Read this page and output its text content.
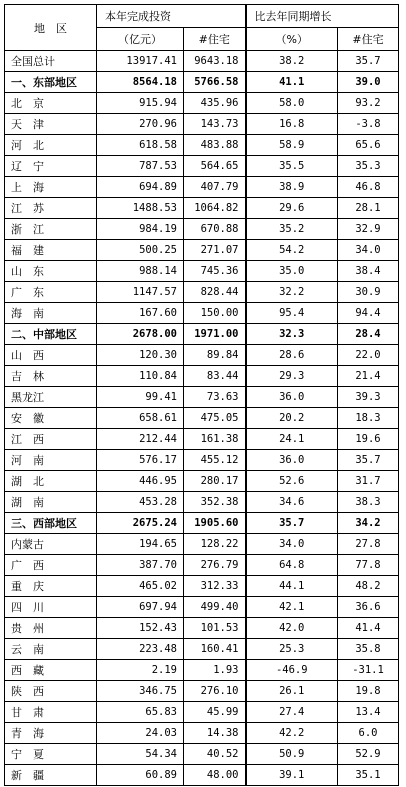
地　区	本年完成投资		比去年同期增长	
	（亿元）	#住宅	（%）	#住宅
全国总计	13917.41	9643.18	38.2	35.7
一、东部地区	8564.18	5766.58	41.1	39.0
北　京	915.94	435.96	58.0	93.2
天　津	270.96	143.73	16.8	-3.8
河　北	618.58	483.88	58.9	65.6
辽　宁	787.53	564.65	35.5	35.3
上　海	694.89	407.79	38.9	46.8
江　苏	1488.53	1064.82	29.6	28.1
浙　江	984.19	670.88	35.2	32.9
福　建	500.25	271.07	54.2	34.0
山　东	988.14	745.36	35.0	38.4
广　东	1147.57	828.44	32.2	30.9
海　南	167.60	150.00	95.4	94.4
二、中部地区	2678.00	1971.00	32.3	28.4
山　西	120.30	89.84	28.6	22.0
吉　林	110.84	83.44	29.3	21.4
黑龙江	99.41	73.63	36.0	39.3
安　徽	658.61	475.05	20.2	18.3
江　西	212.44	161.38	24.1	19.6
河　南	576.17	455.12	36.0	35.7
湖　北	446.95	280.17	52.6	31.7
湖　南	453.28	352.38	34.6	38.3
三、西部地区	2675.24	1905.60	35.7	34.2
内蒙古	194.65	128.22	34.0	27.8
广　西	387.70	276.79	64.8	77.8
重　庆	465.02	312.33	44.1	48.2
四　川	697.94	499.40	42.1	36.6
贵　州	152.43	101.53	42.0	41.4
云　南	223.48	160.41	25.3	35.8
西　藏	2.19	1.93	-46.9	-31.1
陕　西	346.75	276.10	26.1	19.8
甘　肃	65.83	45.99	27.4	13.4
青　海	24.03	14.38	42.2	6.0
宁　夏	54.34	40.52	50.9	52.9
新　疆	60.89	48.00	39.1	35.1
